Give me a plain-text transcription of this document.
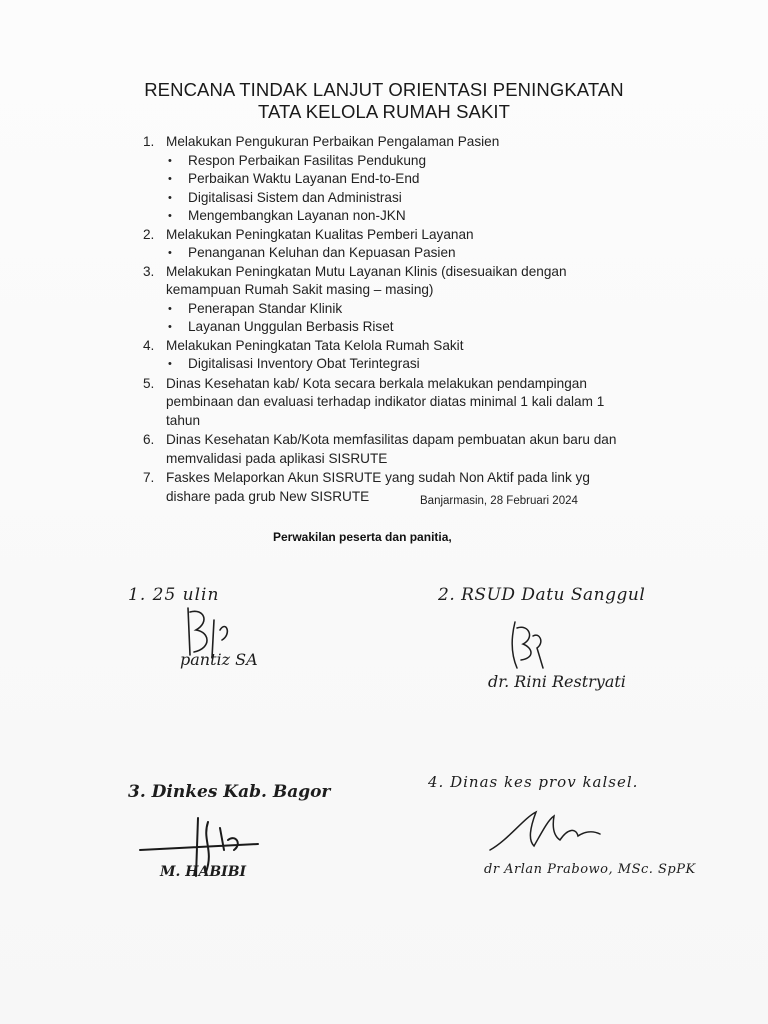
RENCANA TINDAK LANJUT ORIENTASI PENINGKATAN
TATA KELOLA RUMAH SAKIT
1. Melakukan Pengukuran Perbaikan Pengalaman Pasien
• Respon Perbaikan Fasilitas Pendukung
• Perbaikan Waktu Layanan End-to-End
• Digitalisasi Sistem dan Administrasi
• Mengembangkan Layanan non-JKN
2. Melakukan Peningkatan Kualitas Pemberi Layanan
• Penanganan Keluhan dan Kepuasan Pasien
3. Melakukan Peningkatan Mutu Layanan Klinis (disesuaikan dengan
kemampuan Rumah Sakit masing – masing)
• Penerapan Standar Klinik
• Layanan Unggulan Berbasis Riset
4. Melakukan Peningkatan Tata Kelola Rumah Sakit
• Digitalisasi Inventory Obat Terintegrasi
5. Dinas Kesehatan kab/ Kota secara berkala melakukan pendampingan
pembinaan dan evaluasi terhadap indikator diatas minimal 1 kali dalam 1
tahun
6. Dinas Kesehatan Kab/Kota memfasilitas dapam pembuatan akun baru dan
memvalidasi pada aplikasi SISRUTE
7. Faskes Melaporkan Akun SISRUTE yang sudah Non Aktif pada link yg
dishare pada grub New SISRUTE	Banjarmasin, 28 Februari 2024
Perwakilan peserta dan panitia,
1. 25 ulin
pantiz SA
2. RSUD Datu Sanggul
dr. Rini Restryati
3. Dinkes Kab. Bagor
M. HABIBI
4. Dinas kes prov kalsel.
dr Arlan Prabowo, MSc. SpPK
